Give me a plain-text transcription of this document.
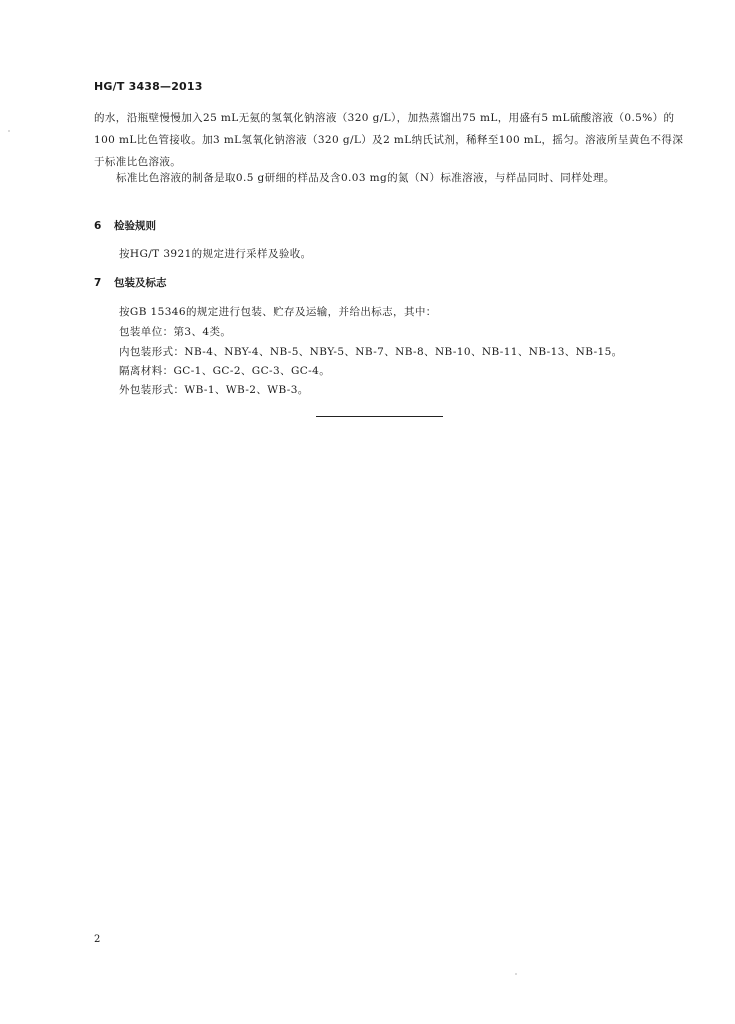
HG/T 3438—2013
的水，沿瓶壁慢慢加入25 mL无氨的氢氧化钠溶液（320 g/L），加热蒸馏出75 mL，用盛有5 mL硫酸溶液（0.5%）的100 mL比色管接收。加3 mL氢氧化钠溶液（320 g/L）及2 mL纳氏试剂，稀释至100 mL，摇匀。溶液所呈黄色不得深于标准比色溶液。
标准比色溶液的制备是取0.5 g研细的样品及含0.03 mg的氮（N）标准溶液，与样品同时、同样处理。
6 检验规则
按HG/T 3921的规定进行采样及验收。
7 包装及标志
按GB 15346的规定进行包装、贮存及运输，并给出标志，其中：
包装单位：第3、4类。
内包装形式：NB-4、NBY-4、NB-5、NBY-5、NB-7、NB-8、NB-10、NB-11、NB-13、NB-15。
隔离材料：GC-1、GC-2、GC-3、GC-4。
外包装形式：WB-1、WB-2、WB-3。
2
